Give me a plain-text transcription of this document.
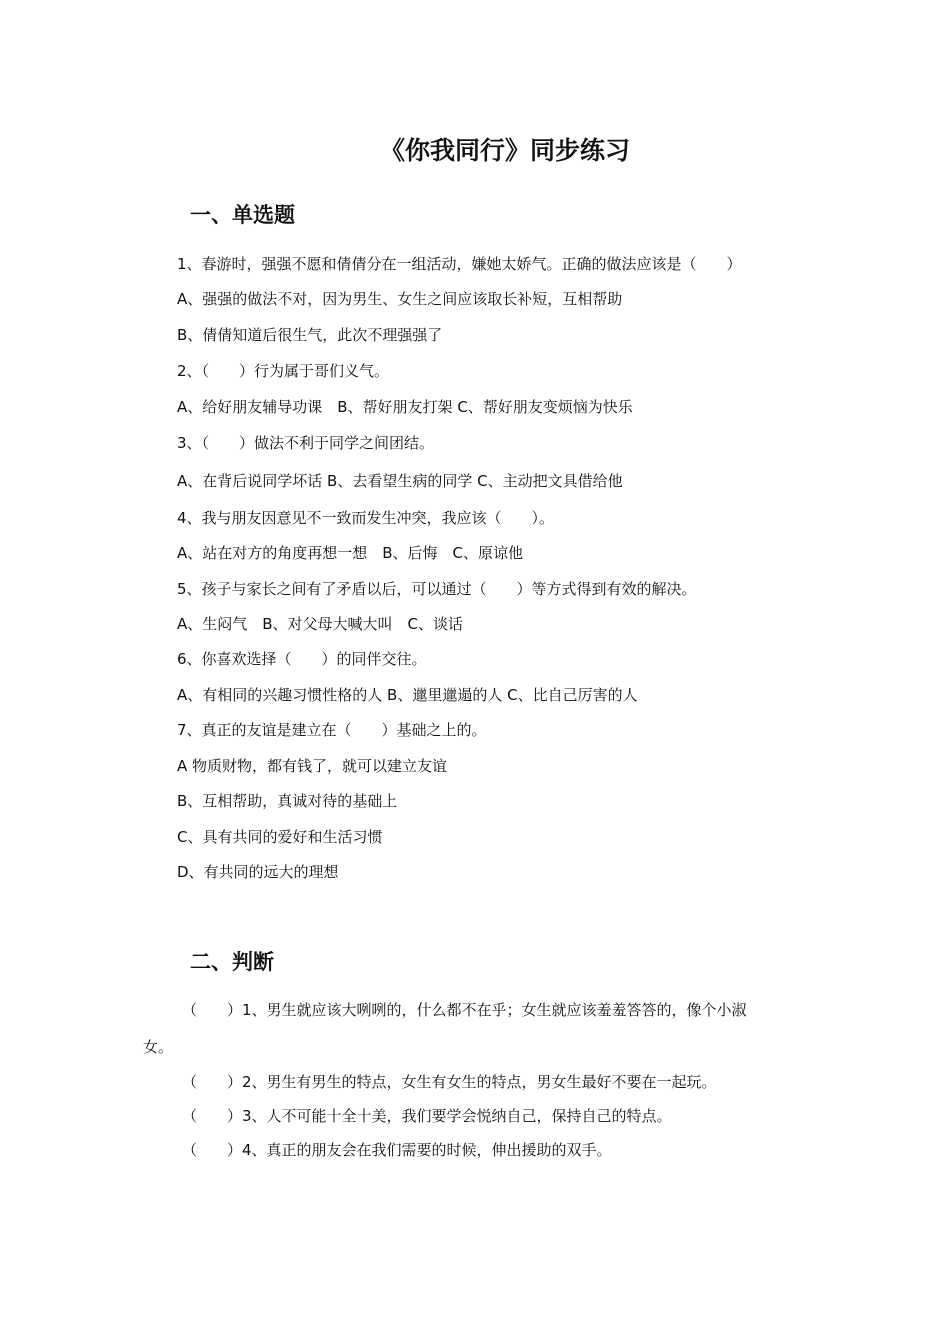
《你我同行》同步练习
一、单选题
1、春游时，强强不愿和倩倩分在一组活动，嫌她太娇气。正确的做法应该是（　　）
A、强强的做法不对，因为男生、女生之间应该取长补短，互相帮助
B、倩倩知道后很生气，此次不理强强了
2、（　　）行为属于哥们义气。
A、给好朋友辅导功课　B、帮好朋友打架 C、帮好朋友变烦恼为快乐
3、（　　）做法不利于同学之间团结。
A、在背后说同学坏话 B、去看望生病的同学 C、主动把文具借给他
4、我与朋友因意见不一致而发生冲突，我应该（　　）。
A、站在对方的角度再想一想　B、后悔　C、原谅他
5、孩子与家长之间有了矛盾以后，可以通过（　　）等方式得到有效的解决。
A、生闷气　B、对父母大喊大叫　C、谈话
6、你喜欢选择（　　）的同伴交往。
A、有相同的兴趣习惯性格的人 B、邋里邋遢的人 C、比自己厉害的人
7、真正的友谊是建立在（　　）基础之上的。
A 物质财物，都有钱了，就可以建立友谊
B、互相帮助，真诚对待的基础上
C、具有共同的爱好和生活习惯
D、有共同的远大的理想
二、判断
（　　）1、男生就应该大咧咧的，什么都不在乎；女生就应该羞羞答答的，像个小淑
女。
（　　）2、男生有男生的特点，女生有女生的特点，男女生最好不要在一起玩。
（　　）3、人不可能十全十美，我们要学会悦纳自己，保持自己的特点。
（　　）4、真正的朋友会在我们需要的时候，伸出援助的双手。
